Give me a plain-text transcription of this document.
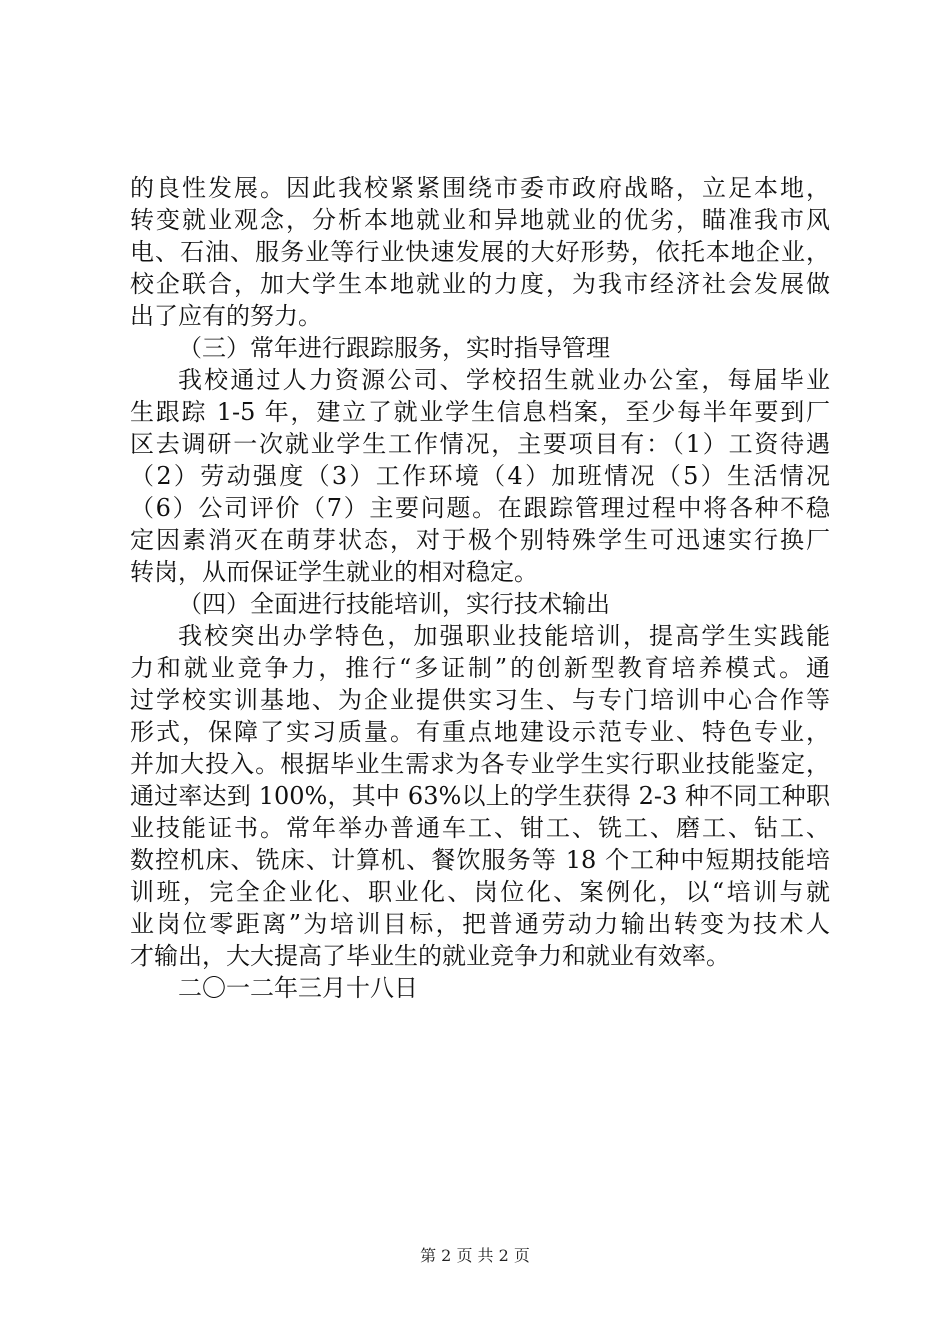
的良性发展。因此我校紧紧围绕市委市政府战略，立足本地，
转变就业观念，分析本地就业和异地就业的优劣，瞄准我市风
电、石油、服务业等行业快速发展的大好形势，依托本地企业，
校企联合，加大学生本地就业的力度，为我市经济社会发展做
出了应有的努力。
（三）常年进行跟踪服务，实时指导管理
我校通过人力资源公司、学校招生就业办公室，每届毕业
生跟踪 1-5 年，建立了就业学生信息档案，至少每半年要到厂
区去调研一次就业学生工作情况，主要项目有：（1）工资待遇
（2）劳动强度（3）工作环境（4）加班情况（5）生活情况
（6）公司评价（7）主要问题。在跟踪管理过程中将各种不稳
定因素消灭在萌芽状态，对于极个别特殊学生可迅速实行换厂
转岗，从而保证学生就业的相对稳定。
（四）全面进行技能培训，实行技术输出
我校突出办学特色，加强职业技能培训，提高学生实践能
力和就业竞争力，推行“多证制”的创新型教育培养模式。通
过学校实训基地、为企业提供实习生、与专门培训中心合作等
形式，保障了实习质量。有重点地建设示范专业、特色专业，
并加大投入。根据毕业生需求为各专业学生实行职业技能鉴定，
通过率达到 100%，其中 63%以上的学生获得 2-3 种不同工种职
业技能证书。常年举办普通车工、钳工、铣工、磨工、钻工、
数控机床、铣床、计算机、餐饮服务等 18 个工种中短期技能培
训班，完全企业化、职业化、岗位化、案例化，以“培训与就
业岗位零距离”为培训目标，把普通劳动力输出转变为技术人
才输出，大大提高了毕业生的就业竞争力和就业有效率。
二〇一二年三月十八日
第 2 页 共 2 页
